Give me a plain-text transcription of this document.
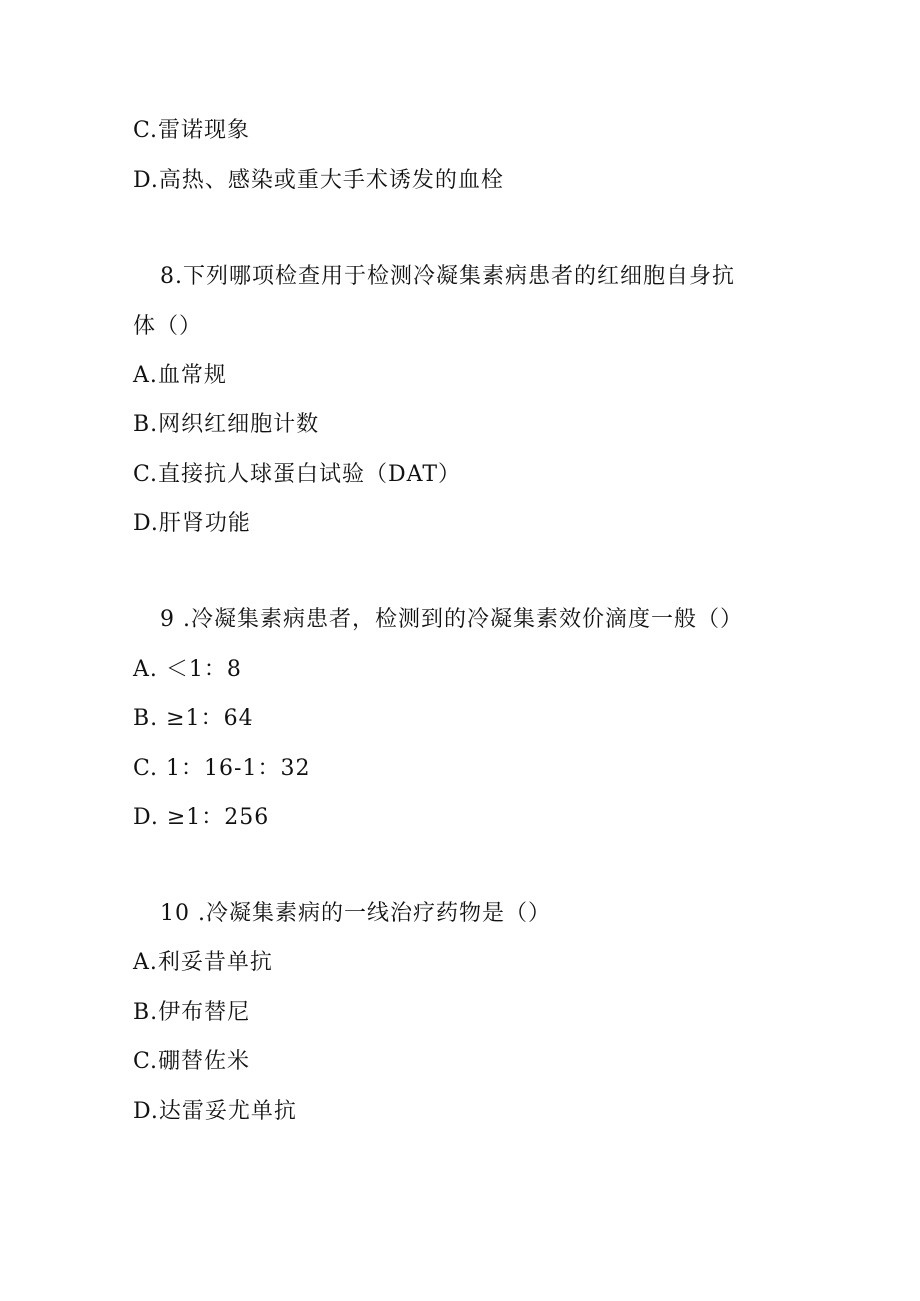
C.雷诺现象
D.高热、感染或重大手术诱发的血栓
8.下列哪项检查用于检测冷凝集素病患者的红细胞自身抗
体（）
A.血常规
B.网织红细胞计数
C.直接抗人球蛋白试验（DAT）
D.肝肾功能
9 .冷凝集素病患者，检测到的冷凝集素效价滴度一般（）
A. ＜1：8
B. ≥1：64
C. 1：16-1：32
D. ≥1：256
10 .冷凝集素病的一线治疗药物是（）
A.利妥昔单抗
B.伊布替尼
C.硼替佐米
D.达雷妥尤单抗
